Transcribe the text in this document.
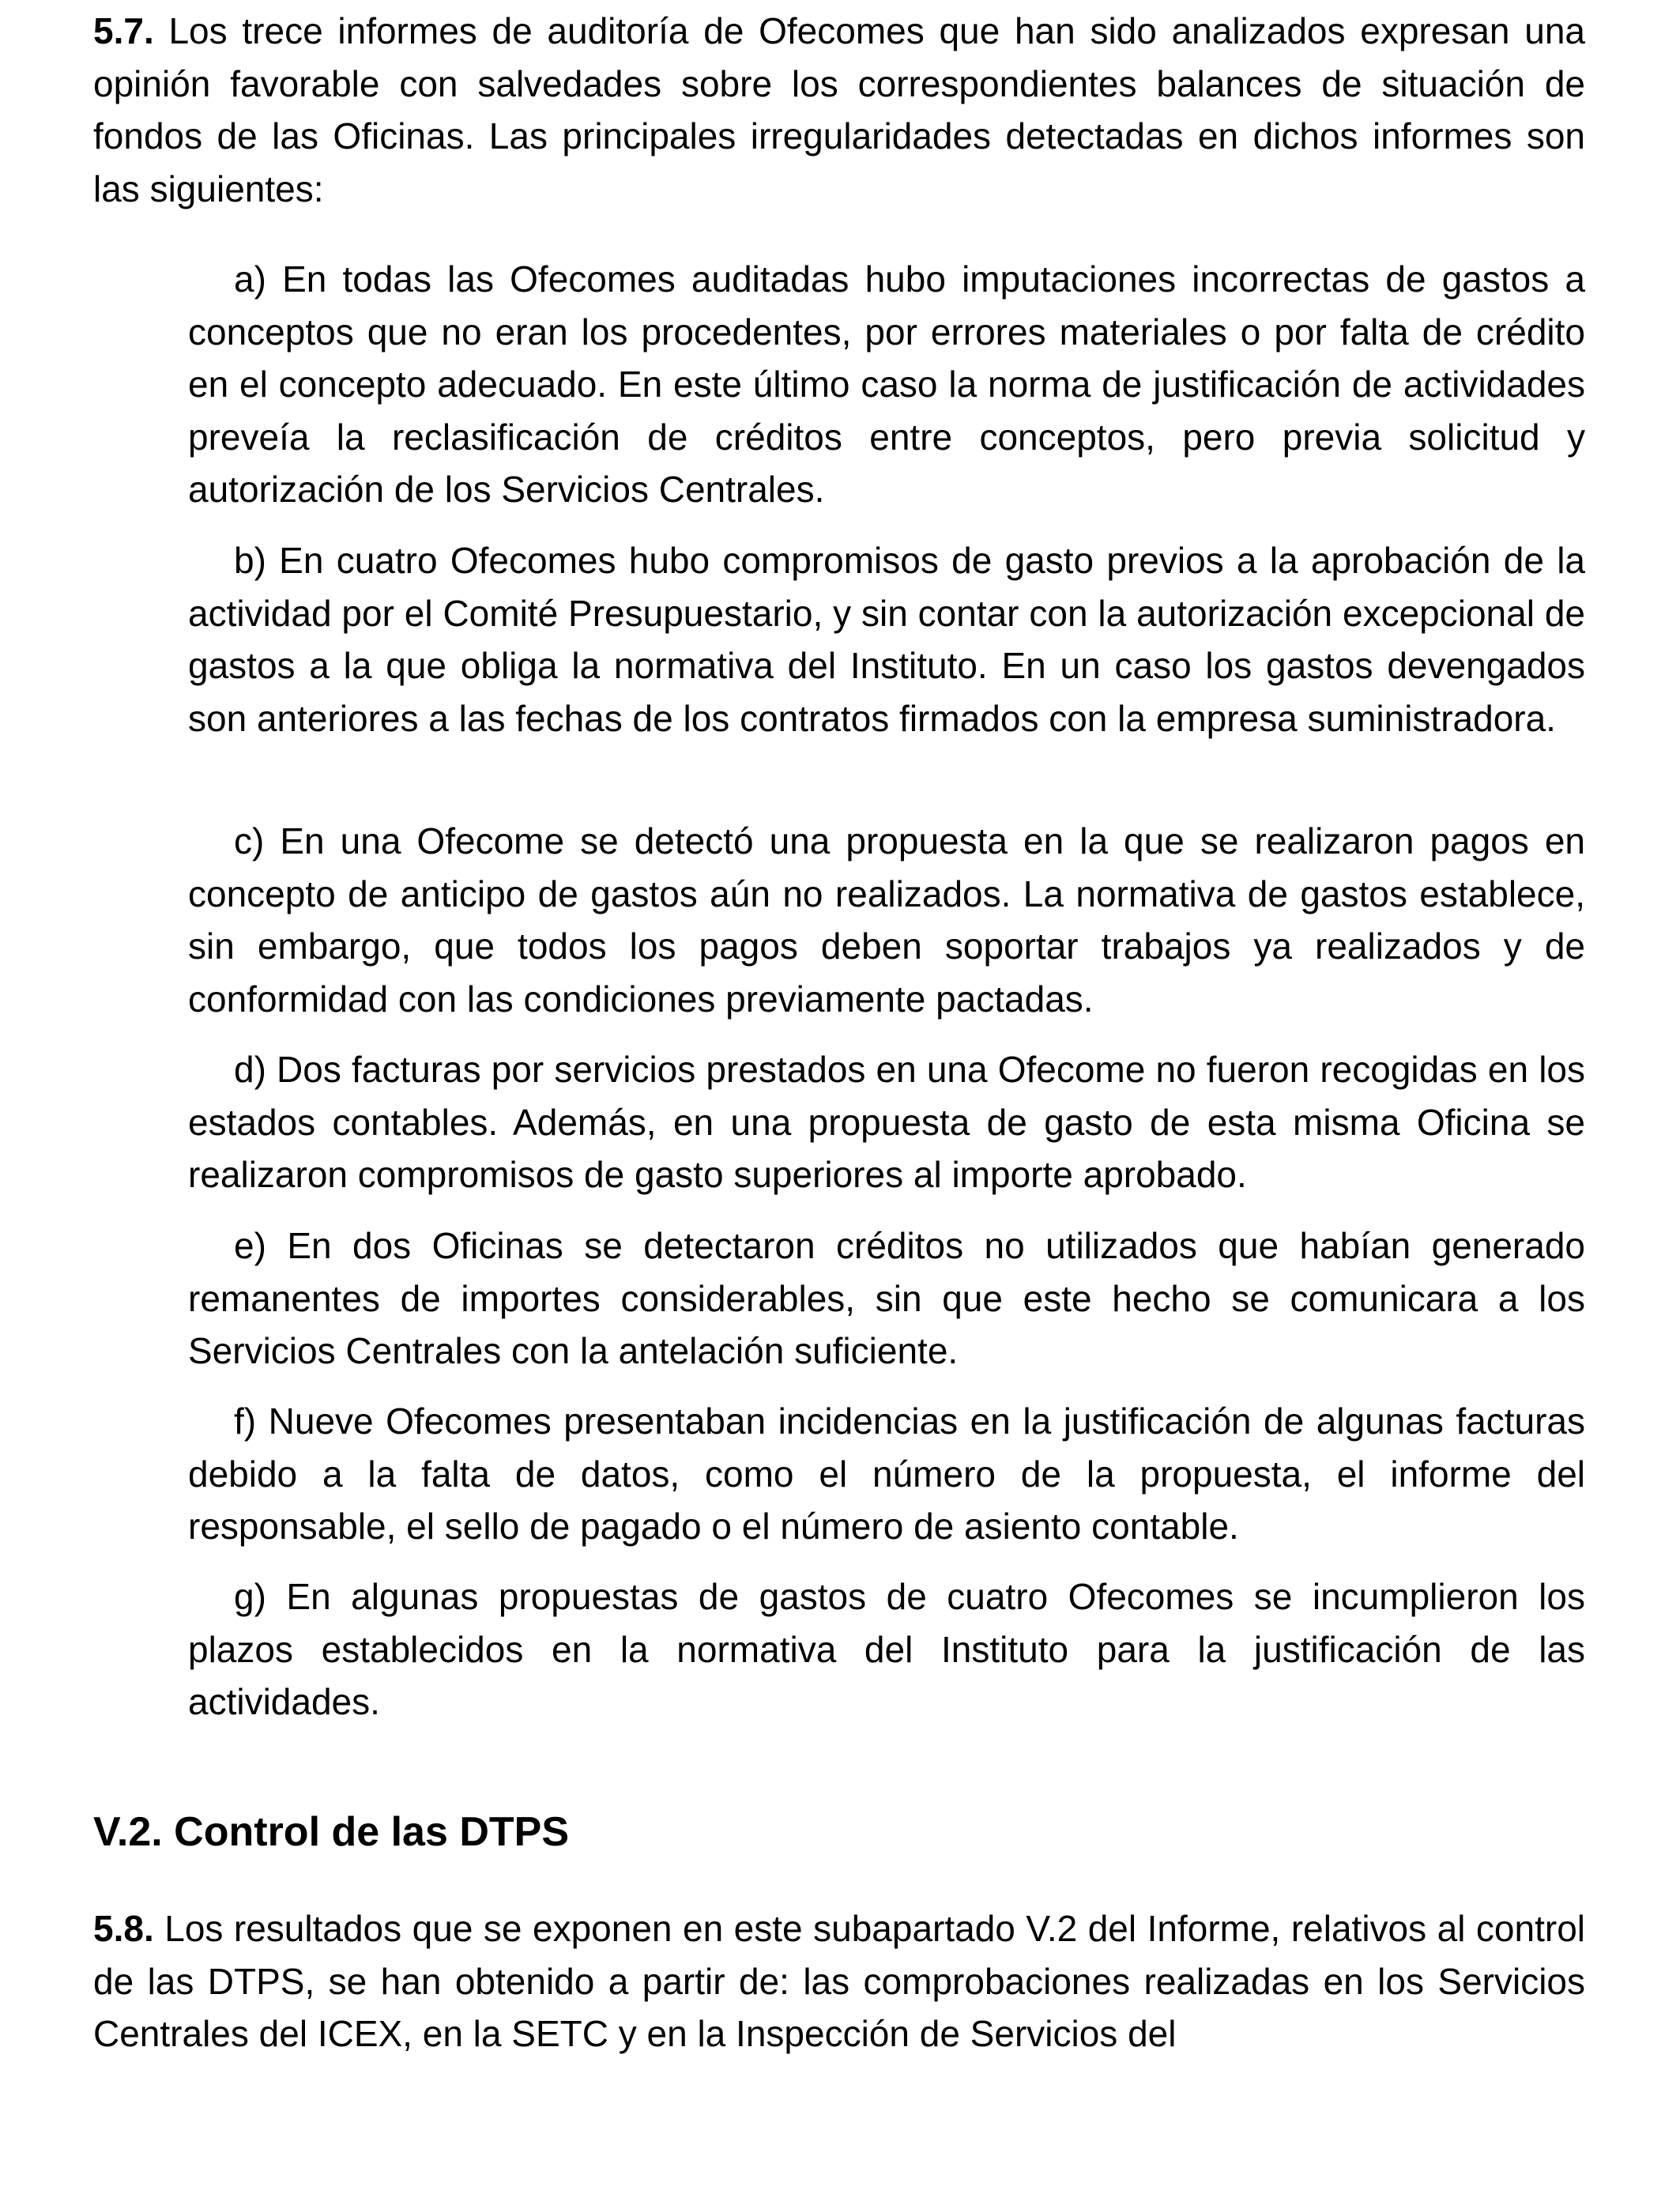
5.7. Los trece informes de auditoría de Ofecomes que han sido analizados expresan una opinión favorable con salvedades sobre los correspondientes balances de situación de fondos de las Oficinas. Las principales irregularidades detectadas en dichos informes son las siguientes:

a) En todas las Ofecomes auditadas hubo imputaciones incorrectas de gastos a conceptos que no eran los procedentes, por errores materiales o por falta de crédito en el concepto adecuado. En este último caso la norma de justificación de actividades preveía la reclasificación de créditos entre conceptos, pero previa solicitud y autorización de los Servicios Centrales.

b) En cuatro Ofecomes hubo compromisos de gasto previos a la aprobación de la actividad por el Comité Presupuestario, y sin contar con la autorización excepcional de gastos a la que obliga la normativa del Instituto. En un caso los gastos devengados son anteriores a las fechas de los contratos firmados con la empresa suministradora.

c) En una Ofecome se detectó una propuesta en la que se realizaron pagos en concepto de anticipo de gastos aún no realizados. La normativa de gastos establece, sin embargo, que todos los pagos deben soportar trabajos ya realizados y de conformidad con las condiciones previamente pactadas.

d) Dos facturas por servicios prestados en una Ofecome no fueron recogidas en los estados contables. Además, en una propuesta de gasto de esta misma Oficina se realizaron compromisos de gasto superiores al importe aprobado.

e) En dos Oficinas se detectaron créditos no utilizados que habían generado remanentes de importes considerables, sin que este hecho se comunicara a los Servicios Centrales con la antelación suficiente.

f) Nueve Ofecomes presentaban incidencias en la justificación de algunas facturas debido a la falta de datos, como el número de la propuesta, el informe del responsable, el sello de pagado o el número de asiento contable.

g) En algunas propuestas de gastos de cuatro Ofecomes se incumplieron los plazos establecidos en la normativa del Instituto para la justificación de las actividades.

V.2. Control de las DTPS

5.8. Los resultados que se exponen en este subapartado V.2 del Informe, relativos al control de las DTPS, se han obtenido a partir de: las comprobaciones realizadas en los Servicios Centrales del ICEX, en la SETC y en la Inspección de Servicios del
